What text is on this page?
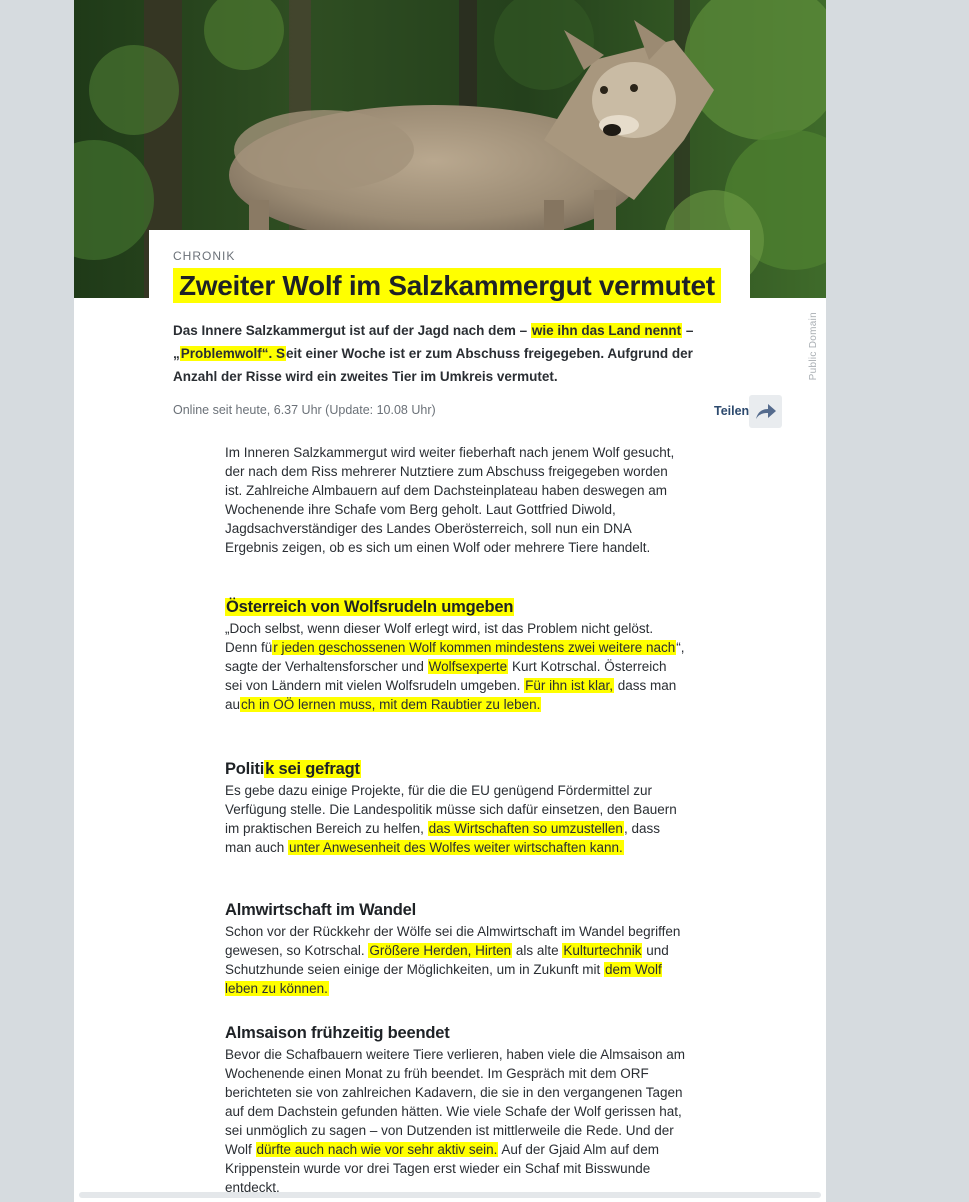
Public Domain
CHRONIK
Zweiter Wolf im Salzkammergut vermutet

Das Innere Salzkammergut ist auf der Jagd nach dem – wie ihn das Land nennt – „Problemwolf“. Seit einer Woche ist er zum Abschuss freigegeben. Aufgrund der Anzahl der Risse wird ein zweites Tier im Umkreis vermutet.

Online seit heute, 6.37 Uhr (Update: 10.08 Uhr)	Teilen

Im Inneren Salzkammergut wird weiter fieberhaft nach jenem Wolf gesucht, der nach dem Riss mehrerer Nutztiere zum Abschuss freigegeben worden ist. Zahlreiche Almbauern auf dem Dachsteinplateau haben deswegen am Wochenende ihre Schafe vom Berg geholt. Laut Gottfried Diwold, Jagdsachverständiger des Landes Oberösterreich, soll nun ein DNA Ergebnis zeigen, ob es sich um einen Wolf oder mehrere Tiere handelt.

Österreich von Wolfsrudeln umgeben

„Doch selbst, wenn dieser Wolf erlegt wird, ist das Problem nicht gelöst. Denn für jeden geschossenen Wolf kommen mindestens zwei weitere nach“, sagte der Verhaltensforscher und Wolfsexperte Kurt Kotrschal. Österreich sei von Ländern mit vielen Wolfsrudeln umgeben. Für ihn ist klar, dass man auch in OÖ lernen muss, mit dem Raubtier zu leben.

Politik sei gefragt

Es gebe dazu einige Projekte, für die die EU genügend Fördermittel zur Verfügung stelle. Die Landespolitik müsse sich dafür einsetzen, den Bauern im praktischen Bereich zu helfen, das Wirtschaften so umzustellen, dass man auch unter Anwesenheit des Wolfes weiter wirtschaften kann.

Almwirtschaft im Wandel

Schon vor der Rückkehr der Wölfe sei die Almwirtschaft im Wandel begriffen gewesen, so Kotrschal. Größere Herden, Hirten als alte Kulturtechnik und Schutzhunde seien einige der Möglichkeiten, um in Zukunft mit dem Wolf leben zu können.

Almsaison frühzeitig beendet

Bevor die Schafbauern weitere Tiere verlieren, haben viele die Almsaison am Wochenende einen Monat zu früh beendet. Im Gespräch mit dem ORF berichteten sie von zahlreichen Kadavern, die sie in den vergangenen Tagen auf dem Dachstein gefunden hätten. Wie viele Schafe der Wolf gerissen hat, sei unmöglich zu sagen – von Dutzenden ist mittlerweile die Rede. Und der Wolf dürfte auch nach wie vor sehr aktiv sein. Auf der Gjaid Alm auf dem Krippenstein wurde vor drei Tagen erst wieder ein Schaf mit Bisswunde entdeckt.
